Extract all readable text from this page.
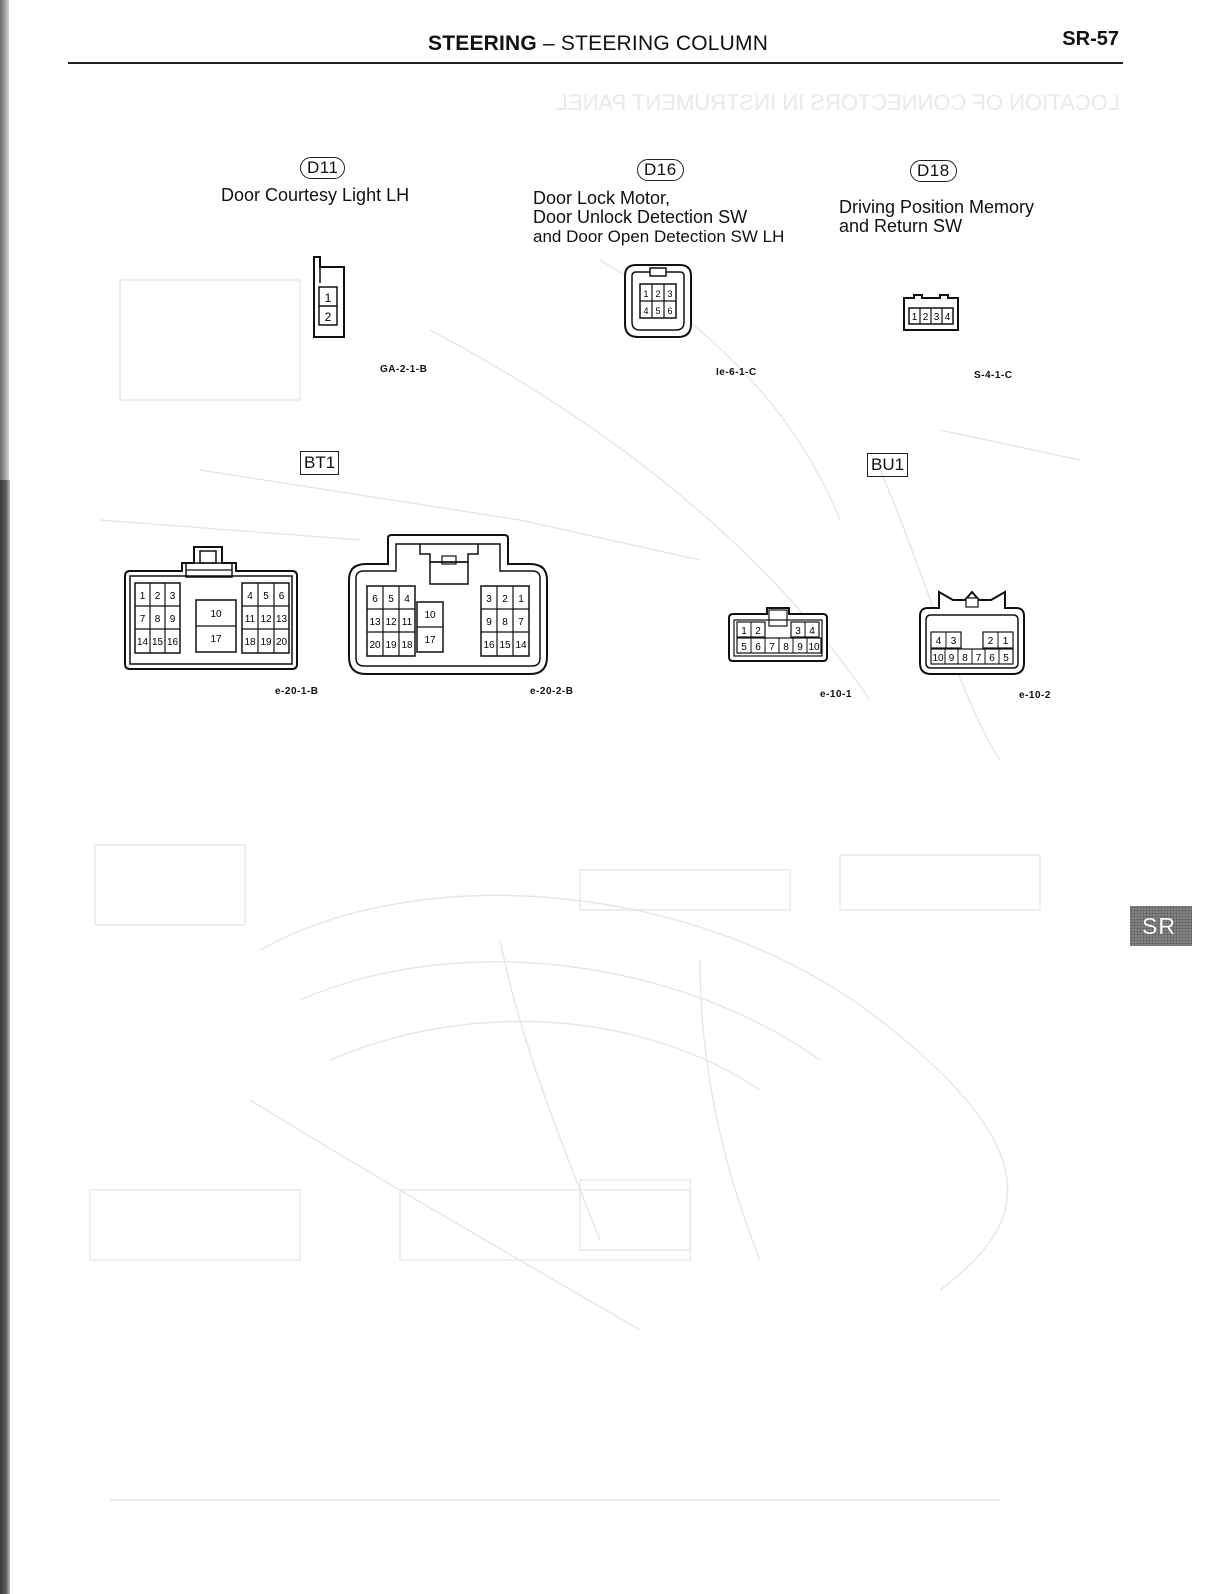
LOCATION OF CONNECTORS IN INSTRUMENT PANEL
STEERING – STEERING COLUMN	SR-57
D11
Door Courtesy Light LH
1
2
GA-2-1-B
D16
Door Lock Motor,
Door Unlock Detection SW
and Door Open Detection SW LH
1 2 3
4 5 6
Ie-6-1-C
D18
Driving Position Memory
and Return SW
1 2 3 4
S-4-1-C
BT1
1 2 3
7 8 9
14 15 16
10
17
4 5 6
11 12 13
18 19 20
e-20-1-B
6 5 4
13 12 11
20 19 18
10
17
3 2 1
9 8 7
16 15 14
e-20-2-B
BU1
1 2	3 4
5 6 7 8 9 10
e-10-1
4 3	2 1
10 9 8 7 6 5
e-10-2
SR
